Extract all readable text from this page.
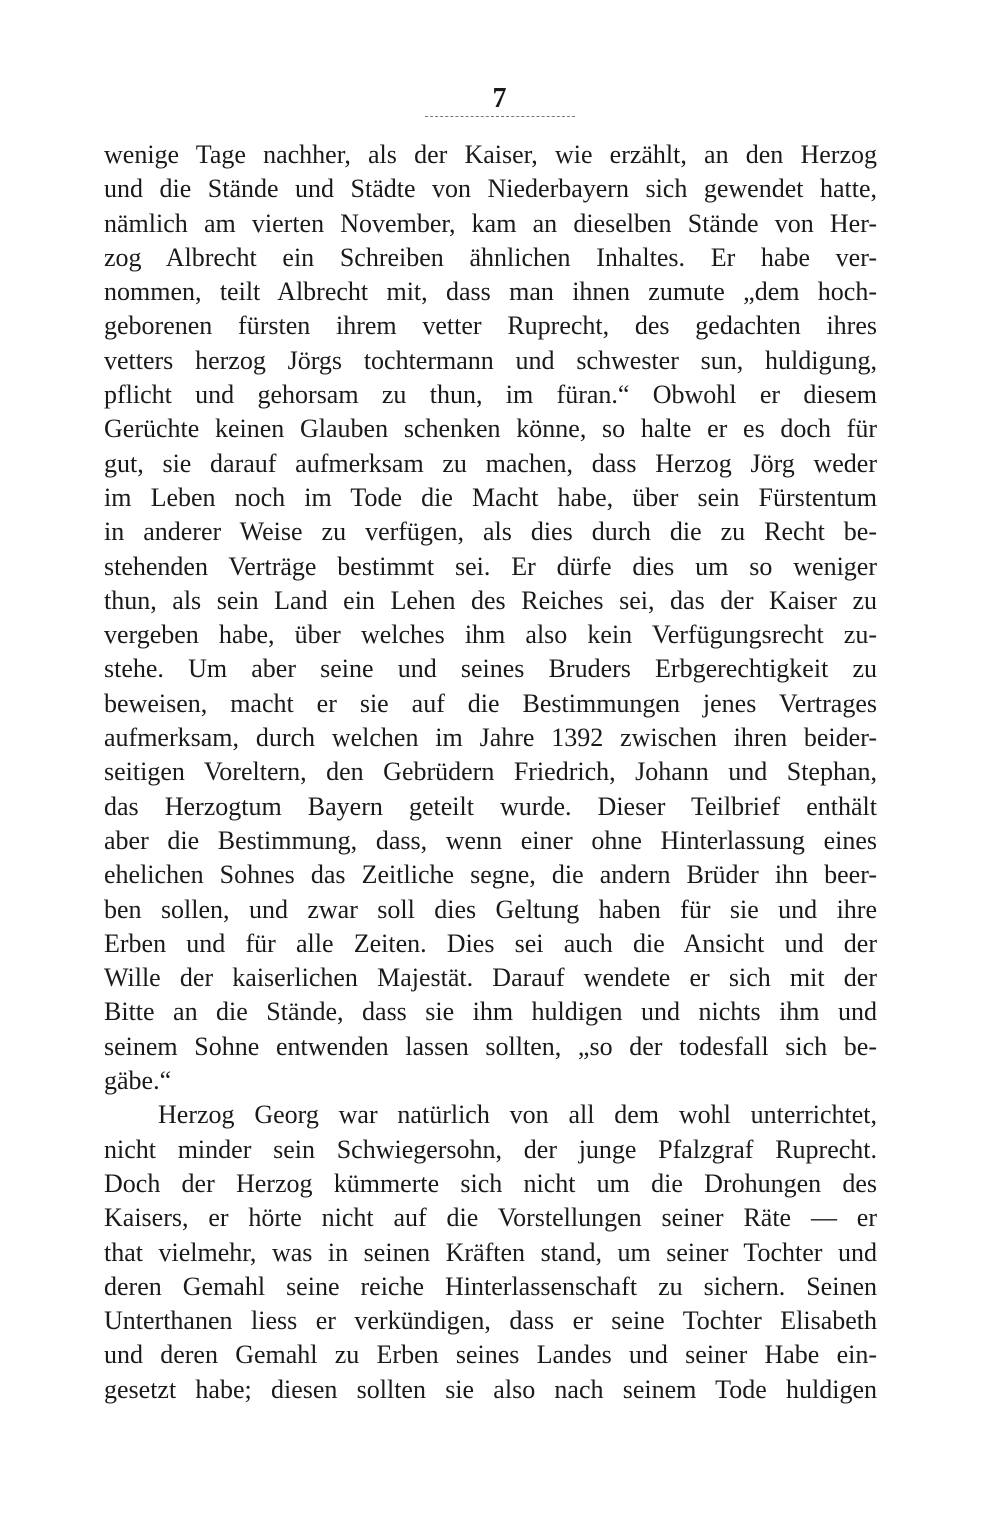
7
wenige Tage nachher, als der Kaiser, wie erzählt, an den Herzog
und die Stände und Städte von Niederbayern sich gewendet hatte,
nämlich am vierten November, kam an dieselben Stände von Her-
zog Albrecht ein Schreiben ähnlichen Inhaltes. Er habe ver-
nommen, teilt Albrecht mit, dass man ihnen zumute „dem hoch-
geborenen fürsten ihrem vetter Ruprecht, des gedachten ihres
vetters herzog Jörgs tochtermann und schwester sun, huldigung,
pflicht und gehorsam zu thun, im füran.“ Obwohl er diesem
Gerüchte keinen Glauben schenken könne, so halte er es doch für
gut, sie darauf aufmerksam zu machen, dass Herzog Jörg weder
im Leben noch im Tode die Macht habe, über sein Fürstentum
in anderer Weise zu verfügen, als dies durch die zu Recht be-
stehenden Verträge bestimmt sei. Er dürfe dies um so weniger
thun, als sein Land ein Lehen des Reiches sei, das der Kaiser zu
vergeben habe, über welches ihm also kein Verfügungsrecht zu-
stehe. Um aber seine und seines Bruders Erbgerechtigkeit zu
beweisen, macht er sie auf die Bestimmungen jenes Vertrages
aufmerksam, durch welchen im Jahre 1392 zwischen ihren beider-
seitigen Voreltern, den Gebrüdern Friedrich, Johann und Stephan,
das Herzogtum Bayern geteilt wurde. Dieser Teilbrief enthält
aber die Bestimmung, dass, wenn einer ohne Hinterlassung eines
ehelichen Sohnes das Zeitliche segne, die andern Brüder ihn beer-
ben sollen, und zwar soll dies Geltung haben für sie und ihre
Erben und für alle Zeiten. Dies sei auch die Ansicht und der
Wille der kaiserlichen Majestät. Darauf wendete er sich mit der
Bitte an die Stände, dass sie ihm huldigen und nichts ihm und
seinem Sohne entwenden lassen sollten, „so der todesfall sich be-
gäbe.“
Herzog Georg war natürlich von all dem wohl unterrichtet,
nicht minder sein Schwiegersohn, der junge Pfalzgraf Ruprecht.
Doch der Herzog kümmerte sich nicht um die Drohungen des
Kaisers, er hörte nicht auf die Vorstellungen seiner Räte — er
that vielmehr, was in seinen Kräften stand, um seiner Tochter und
deren Gemahl seine reiche Hinterlassenschaft zu sichern. Seinen
Unterthanen liess er verkündigen, dass er seine Tochter Elisabeth
und deren Gemahl zu Erben seines Landes und seiner Habe ein-
gesetzt habe; diesen sollten sie also nach seinem Tode huldigen
